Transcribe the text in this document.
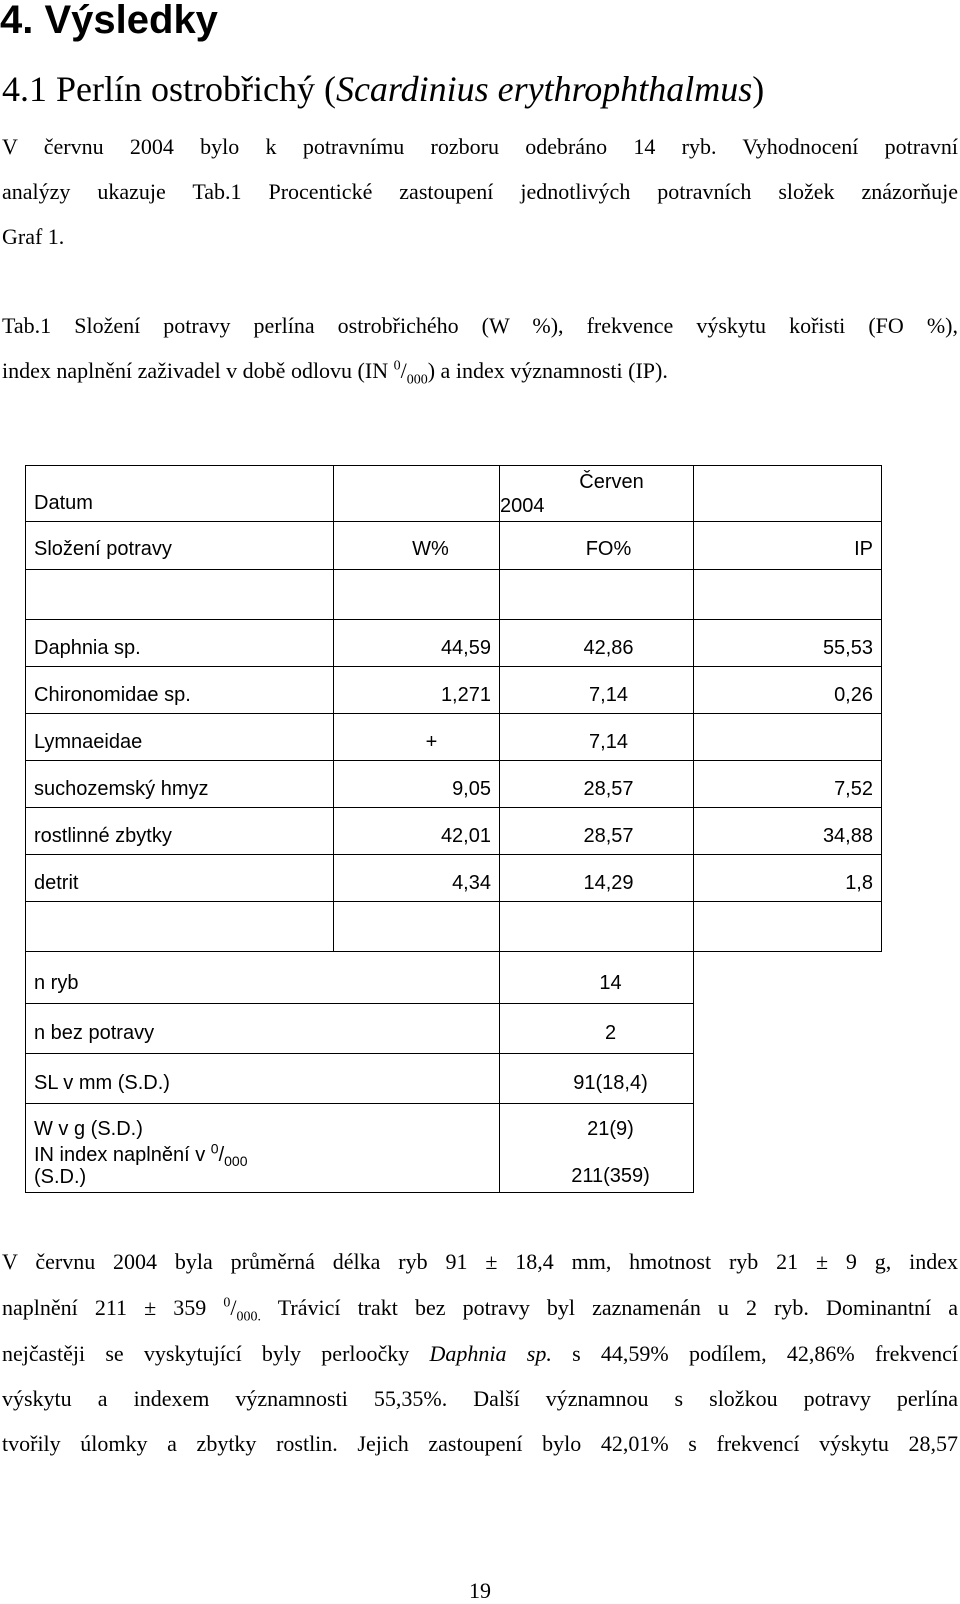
4. Výsledky
4.1 Perlín ostrobřichý (Scardinius erythrophthalmus)
V červnu 2004 bylo k potravnímu rozboru odebráno 14 ryb. Vyhodnocení potravní
analýzy ukazuje Tab.1 Procentické zastoupení jednotlivých potravních složek znázorňuje
Graf 1.
Tab.1 Složení potravy perlína ostrobřichého (W %), frekvence výskytu kořisti (FO %),
index naplnění zaživadel v době odlovu (IN $^0/_{000}$) a index významnosti (IP).
Datum		Červen
2004	

Složení potravy	W%	FO%	IP

Daphnia sp.	44,59	42,86	55,53
Chironomidae sp.	1,271	7,14	0,26
Lymnaeidae	+	7,14	
suchozemský hmyz	9,05	28,57	7,52
rostlinné zbytky	42,01	28,57	34,88
detrit	4,34	14,29	1,8

n ryb		14	
n bez potravy		2	
SL v mm (S.D.)		91(18,4)	
W v g (S.D.)		21(9)	

IN index naplnění v $^0/_{000}$
(S.D.)		211(359)	
V červnu 2004 byla průměrná délka ryb 91 ± 18,4 mm, hmotnost ryb 21 ± 9 g, index
naplnění 211 ± 359 $^0/_{000.}$ Trávicí trakt bez potravy byl zaznamenán u 2 ryb. Dominantní a
nejčastěji se vyskytující byly perloočky Daphnia sp. s 44,59% podílem, 42,86% frekvencí
výskytu a indexem významnosti 55,35%. Další významnou s složkou potravy perlína
tvořily úlomky a zbytky rostlin. Jejich zastoupení bylo 42,01% s frekvencí výskytu 28,57
19
